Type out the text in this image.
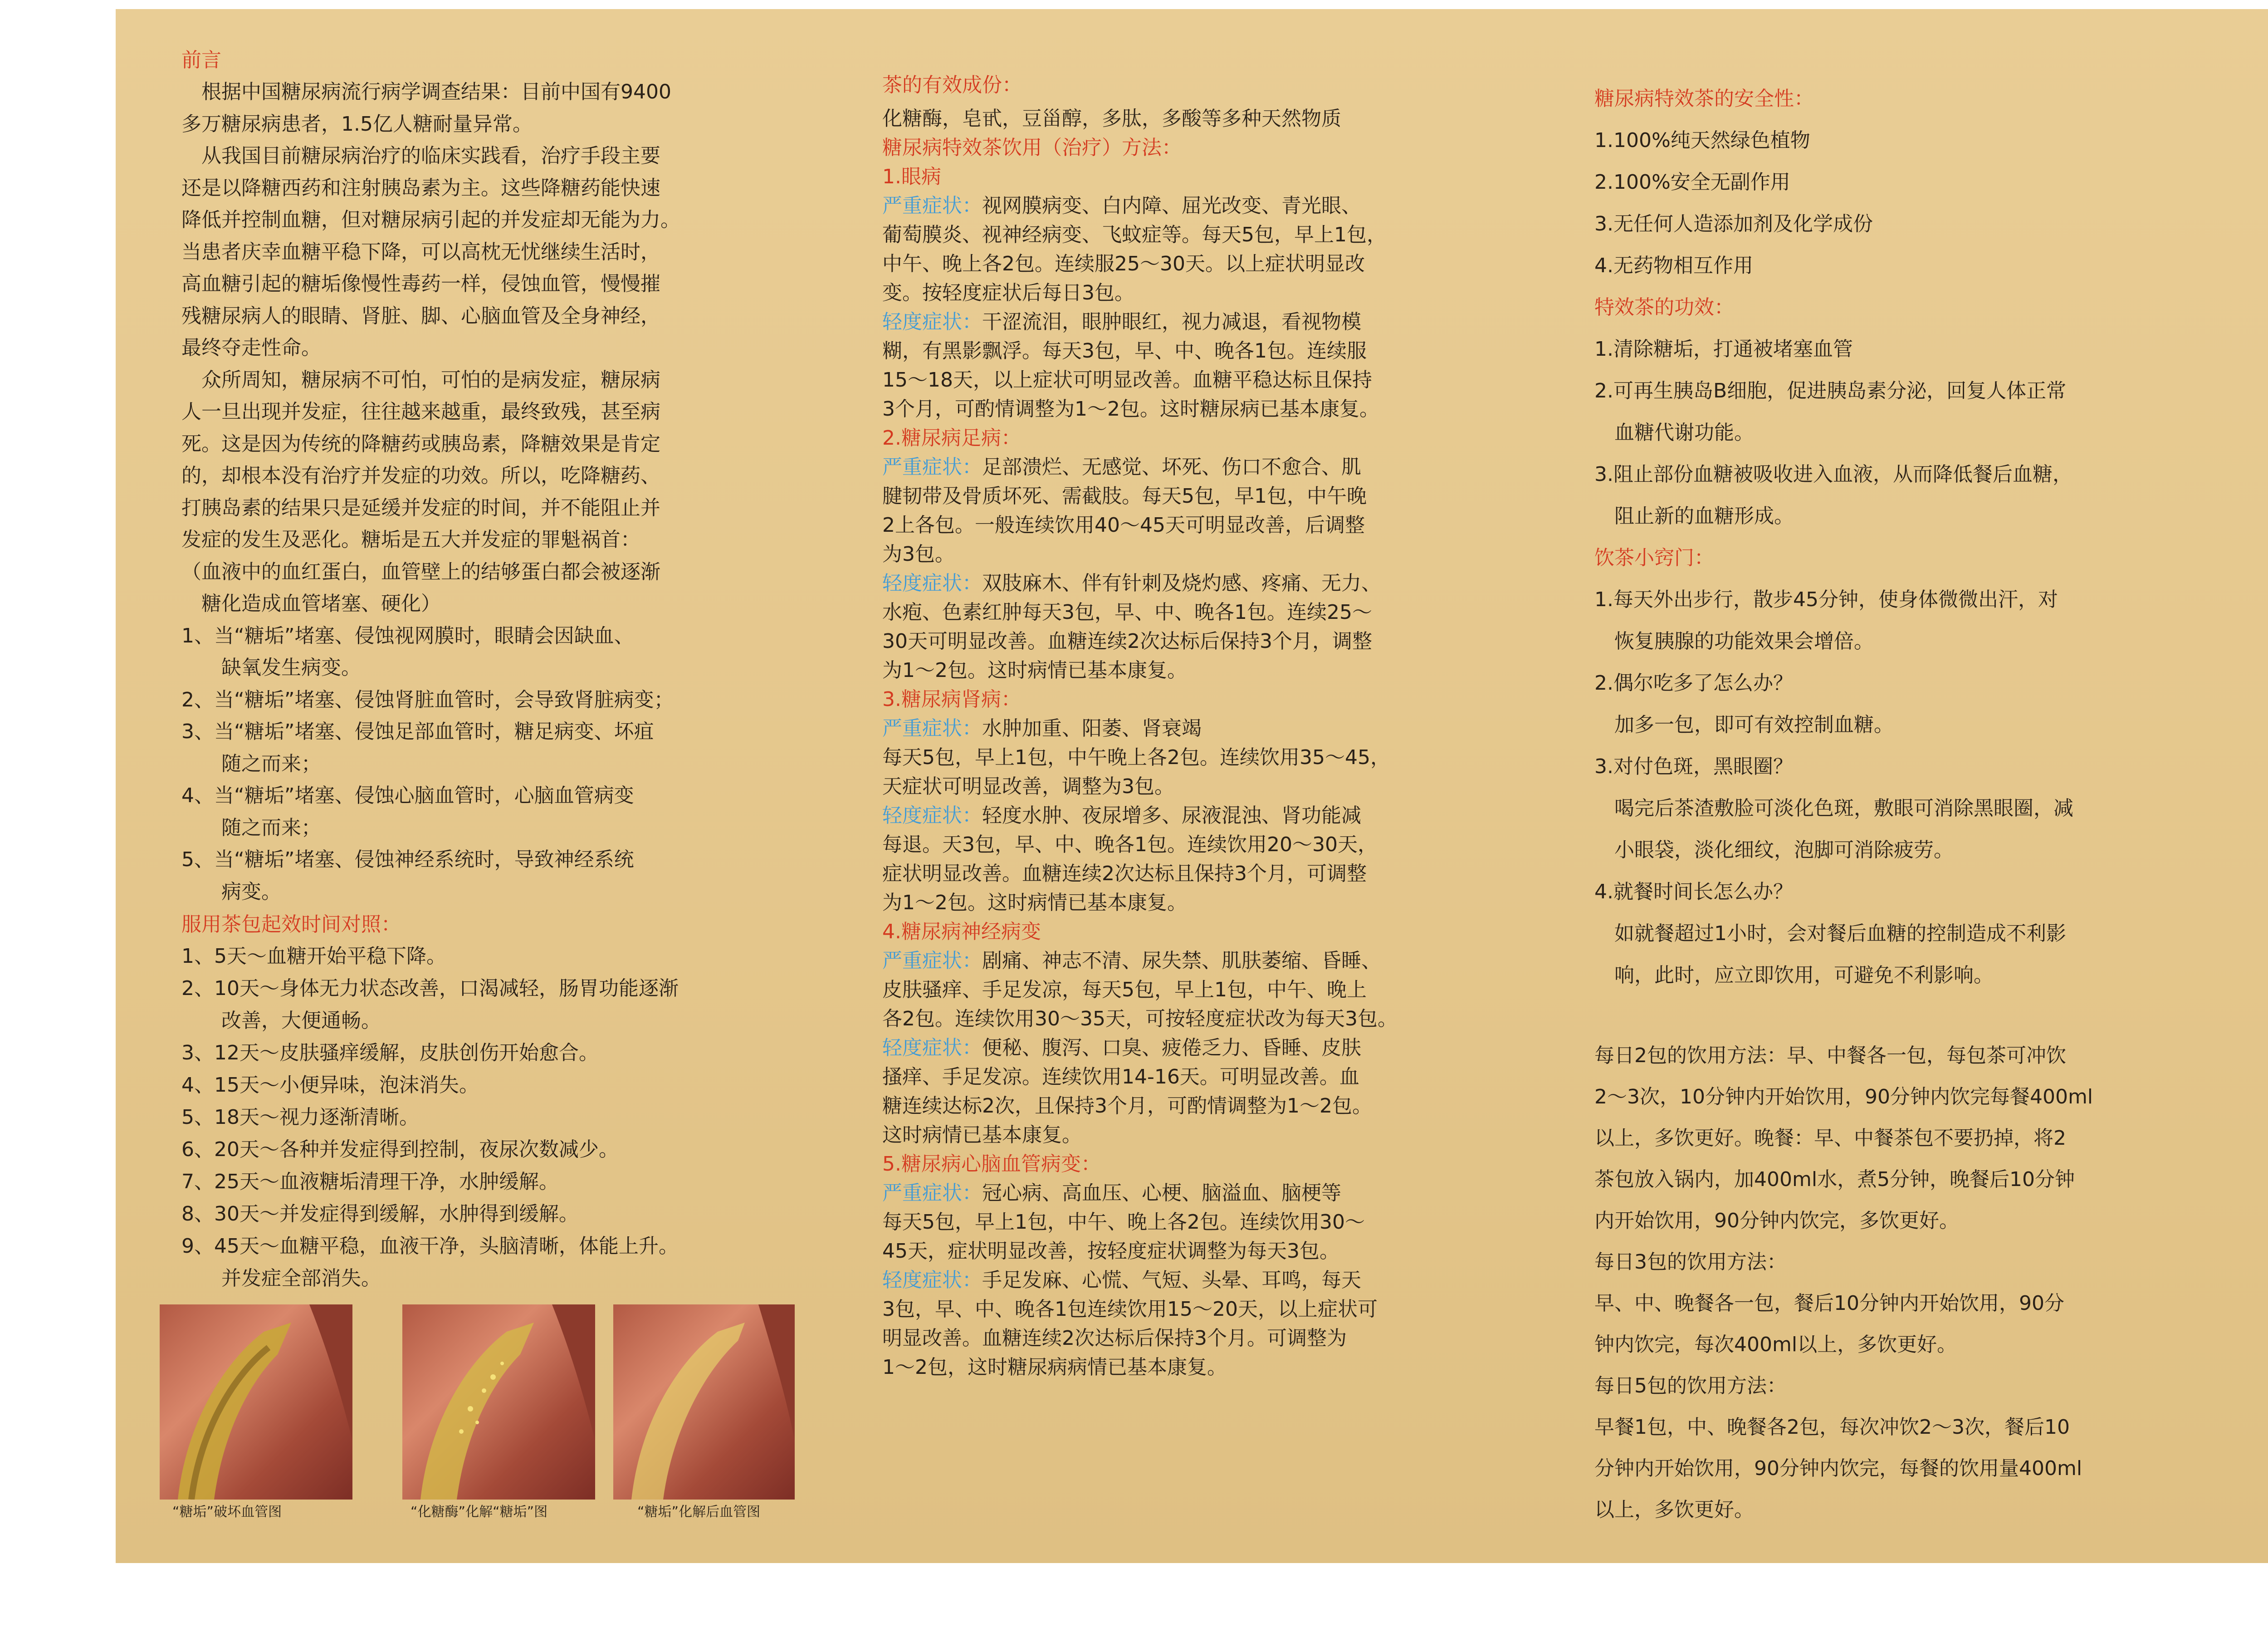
前言
　根据中国糖尿病流行病学调查结果：目前中国有9400
多万糖尿病患者，1.5亿人糖耐量异常。
　从我国目前糖尿病治疗的临床实践看，治疗手段主要
还是以降糖西药和注射胰岛素为主。这些降糖药能快速
降低并控制血糖，但对糖尿病引起的并发症却无能为力。
当患者庆幸血糖平稳下降，可以高枕无忧继续生活时，
高血糖引起的糖垢像慢性毒药一样，侵蚀血管，慢慢摧
残糖尿病人的眼睛、肾脏、脚、心脑血管及全身神经，
最终夺走性命。
　众所周知，糖尿病不可怕，可怕的是病发症，糖尿病
人一旦出现并发症，往往越来越重，最终致残，甚至病
死。这是因为传统的降糖药或胰岛素，降糖效果是肯定
的，却根本没有治疗并发症的功效。所以，吃降糖药、
打胰岛素的结果只是延缓并发症的时间，并不能阻止并
发症的发生及恶化。糖垢是五大并发症的罪魁祸首：
（血液中的血红蛋白，血管壁上的结够蛋白都会被逐渐
　糖化造成血管堵塞、硬化）
1、当“糖垢”堵塞、侵蚀视网膜时，眼睛会因缺血、
　　缺氧发生病变。
2、当“糖垢”堵塞、侵蚀肾脏血管时，会导致肾脏病变；
3、当“糖垢”堵塞、侵蚀足部血管时，糖足病变、坏疽
　　随之而来；
4、当“糖垢”堵塞、侵蚀心脑血管时，心脑血管病变
　　随之而来；
5、当“糖垢”堵塞、侵蚀神经系统时，导致神经系统
　　病变。
服用茶包起效时间对照：
1、5天～血糖开始平稳下降。
2、10天～身体无力状态改善，口渴减轻，肠胃功能逐渐
　　改善，大便通畅。
3、12天～皮肤骚痒缓解，皮肤创伤开始愈合。
4、15天～小便异味，泡沫消失。
5、18天～视力逐渐清晰。
6、20天～各种并发症得到控制，夜尿次数减少。
7、25天～血液糖垢清理干净，水肿缓解。
8、30天～并发症得到缓解，水肿得到缓解。
9、45天～血糖平稳，血液干净，头脑清晰，体能上升。
　　并发症全部消失。
茶的有效成份：
化糖酶，皂甙，豆甾醇，多肽，多酸等多种天然物质
糖尿病特效茶饮用（治疗）方法：
1.眼病
严重症状：视网膜病变、白内障、屈光改变、青光眼、
葡萄膜炎、视神经病变、飞蚊症等。每天5包，早上1包，
中午、晚上各2包。连续服25～30天。以上症状明显改
变。按轻度症状后每日3包。
轻度症状：干涩流泪，眼肿眼红，视力减退，看视物模
糊，有黑影飘浮。每天3包，早、中、晚各1包。连续服
15～18天，以上症状可明显改善。血糖平稳达标且保持
3个月，可酌情调整为1～2包。这时糖尿病已基本康复。
2.糖尿病足病：
严重症状：足部溃烂、无感觉、坏死、伤口不愈合、肌
腱韧带及骨质坏死、需截肢。每天5包，早1包，中午晚
2上各包。一般连续饮用40～45天可明显改善，后调整
为3包。
轻度症状：双肢麻木、伴有针刺及烧灼感、疼痛、无力、
水疱、色素红肿每天3包，早、中、晚各1包。连续25～
30天可明显改善。血糖连续2次达标后保持3个月，调整
为1～2包。这时病情已基本康复。
3.糖尿病肾病：
严重症状：水肿加重、阳萎、肾衰竭
每天5包，早上1包，中午晚上各2包。连续饮用35～45，
天症状可明显改善，调整为3包。
轻度症状：轻度水肿、夜尿增多、尿液混浊、肾功能减
每退。天3包，早、中、晚各1包。连续饮用20～30天，
症状明显改善。血糖连续2次达标且保持3个月，可调整
为1～2包。这时病情已基本康复。
4.糖尿病神经病变
严重症状：剧痛、神志不清、尿失禁、肌肤萎缩、昏睡、
皮肤骚痒、手足发凉，每天5包，早上1包，中午、晚上
各2包。连续饮用30～35天，可按轻度症状改为每天3包。
轻度症状：便秘、腹泻、口臭、疲倦乏力、昏睡、皮肤
搔痒、手足发凉。连续饮用14-16天。可明显改善。血
糖连续达标2次，且保持3个月，可酌情调整为1～2包。
这时病情已基本康复。
5.糖尿病心脑血管病变：
严重症状：冠心病、高血压、心梗、脑溢血、脑梗等
每天5包，早上1包，中午、晚上各2包。连续饮用30～
45天，症状明显改善，按轻度症状调整为每天3包。
轻度症状：手足发麻、心慌、气短、头晕、耳鸣，每天
3包，早、中、晚各1包连续饮用15～20天，以上症状可
明显改善。血糖连续2次达标后保持3个月。可调整为
1～2包，这时糖尿病病情已基本康复。
糖尿病特效茶的安全性：
1.100%纯天然绿色植物
2.100%安全无副作用
3.无任何人造添加剂及化学成份
4.无药物相互作用
特效茶的功效：
1.清除糖垢，打通被堵塞血管
2.可再生胰岛B细胞，促进胰岛素分泌，回复人体正常
　血糖代谢功能。
3.阻止部份血糖被吸收进入血液，从而降低餐后血糖，
　阻止新的血糖形成。
饮茶小窍门：
1.每天外出步行，散步45分钟，使身体微微出汗，对
　恢复胰腺的功能效果会增倍。
2.偶尔吃多了怎么办？
　加多一包，即可有效控制血糖。
3.对付色斑，黑眼圈？
　喝完后茶渣敷脸可淡化色斑，敷眼可消除黑眼圈，减
　小眼袋，淡化细纹，泡脚可消除疲劳。
4.就餐时间长怎么办？
　如就餐超过1小时，会对餐后血糖的控制造成不利影
　响，此时，应立即饮用，可避免不利影响。
每日2包的饮用方法：早、中餐各一包，每包茶可冲饮
2～3次，10分钟内开始饮用，90分钟内饮完每餐400ml
以上，多饮更好。晚餐：早、中餐茶包不要扔掉，将2
茶包放入锅内，加400ml水，煮5分钟，晚餐后10分钟
内开始饮用，90分钟内饮完，多饮更好。
每日3包的饮用方法：
早、中、晚餐各一包，餐后10分钟内开始饮用，90分
钟内饮完，每次400ml以上，多饮更好。
每日5包的饮用方法：
早餐1包，中、晚餐各2包，每次冲饮2～3次，餐后10
分钟内开始饮用，90分钟内饮完，每餐的饮用量400ml
以上，多饮更好。
“糖垢”破坏血管图	“化糖酶”化解“糖垢”图	“糖垢”化解后血管图
